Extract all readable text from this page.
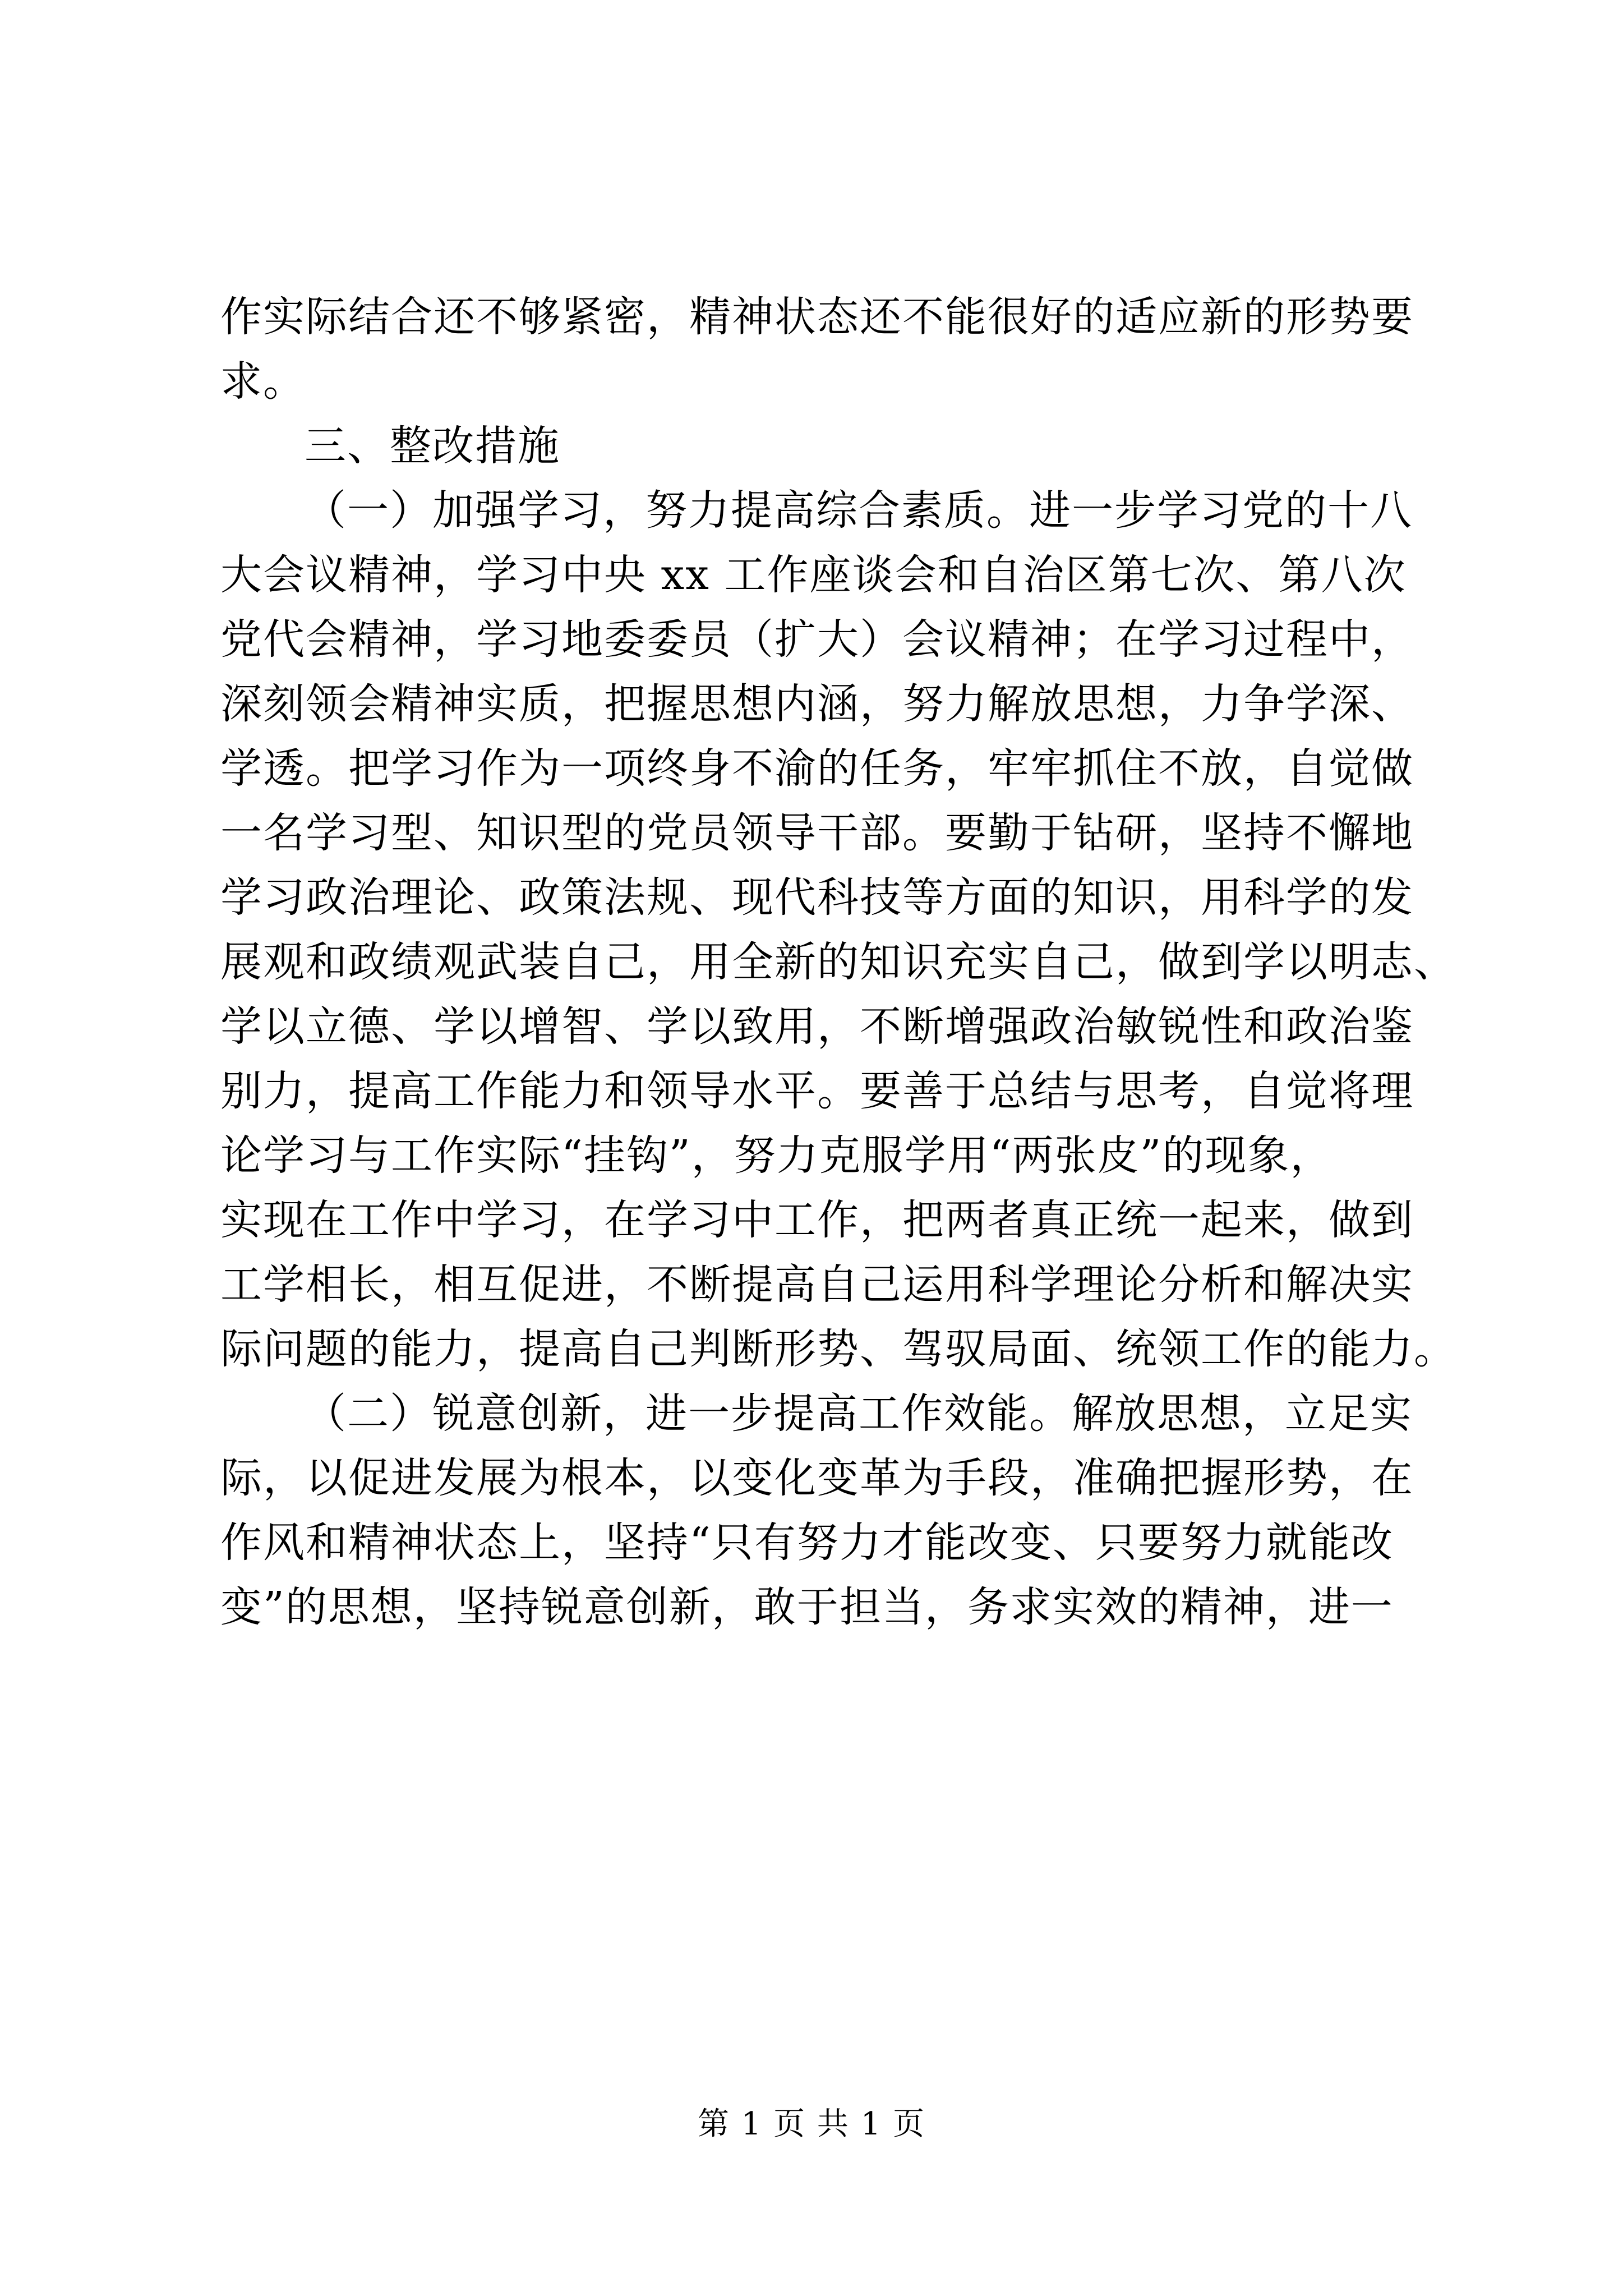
作实际结合还不够紧密，精神状态还不能很好的适应新的形势要
求。
三、整改措施
（一）加强学习，努力提高综合素质。进一步学习党的十八
大会议精神，学习中央 xx 工作座谈会和自治区第七次、第八次
党代会精神，学习地委委员（扩大）会议精神；在学习过程中，
深刻领会精神实质，把握思想内涵，努力解放思想，力争学深、
学透。把学习作为一项终身不渝的任务，牢牢抓住不放，自觉做
一名学习型、知识型的党员领导干部。要勤于钻研，坚持不懈地
学习政治理论、政策法规、现代科技等方面的知识，用科学的发
展观和政绩观武装自己，用全新的知识充实自己，做到学以明志、
学以立德、学以增智、学以致用，不断增强政治敏锐性和政治鉴
别力，提高工作能力和领导水平。要善于总结与思考，自觉将理
论学习与工作实际“挂钩”，努力克服学用“两张皮”的现象，
实现在工作中学习，在学习中工作，把两者真正统一起来，做到
工学相长，相互促进，不断提高自己运用科学理论分析和解决实
际问题的能力，提高自己判断形势、驾驭局面、统领工作的能力。
（二）锐意创新，进一步提高工作效能。解放思想，立足实
际，以促进发展为根本，以变化变革为手段，准确把握形势，在
作风和精神状态上，坚持“只有努力才能改变、只要努力就能改
变”的思想，坚持锐意创新，敢于担当，务求实效的精神，进一
第 1 页 共 1 页
